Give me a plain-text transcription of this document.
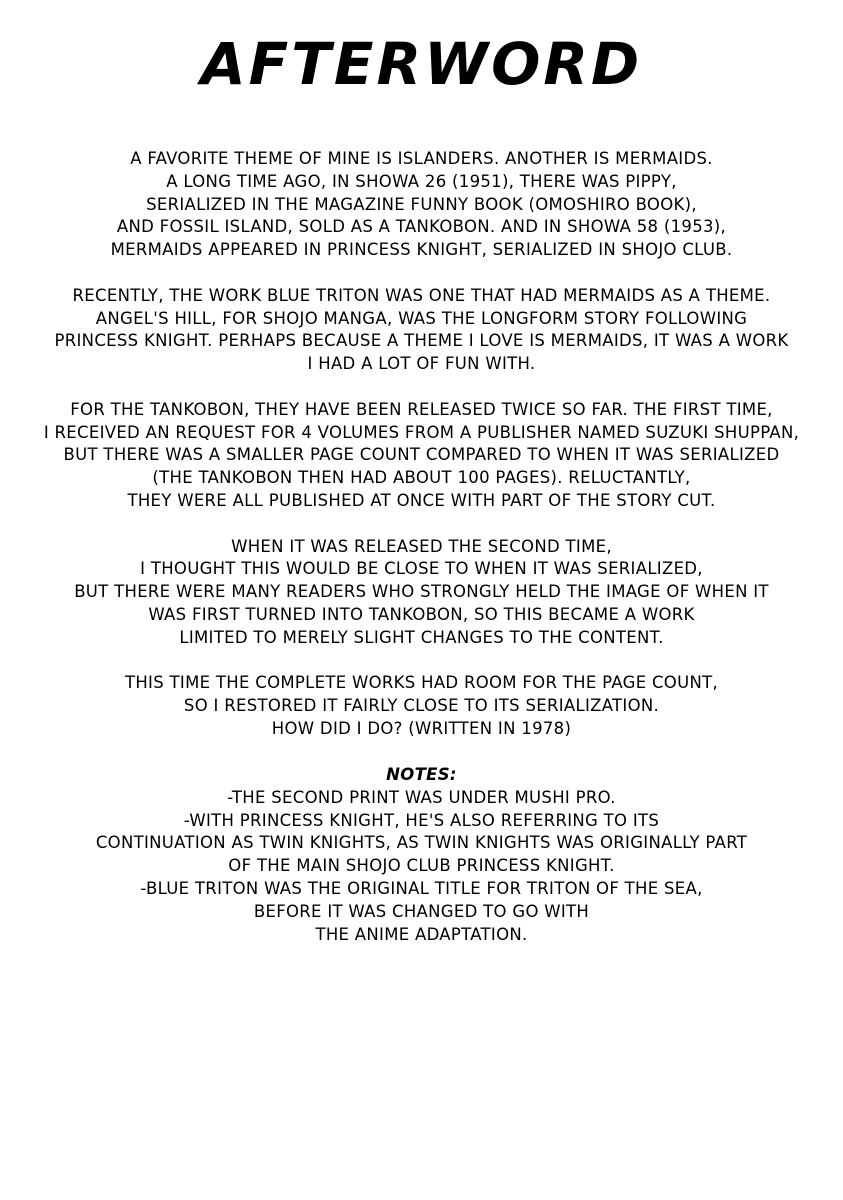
AFTERWORD
A FAVORITE THEME OF MINE IS ISLANDERS. ANOTHER IS MERMAIDS.
A LONG TIME AGO, IN SHOWA 26 (1951), THERE WAS PIPPY,
SERIALIZED IN THE MAGAZINE FUNNY BOOK (OMOSHIRO BOOK),
AND FOSSIL ISLAND, SOLD AS A TANKOBON. AND IN SHOWA 58 (1953),
MERMAIDS APPEARED IN PRINCESS KNIGHT, SERIALIZED IN SHOJO CLUB.
RECENTLY, THE WORK BLUE TRITON WAS ONE THAT HAD MERMAIDS AS A THEME.
ANGEL'S HILL, FOR SHOJO MANGA, WAS THE LONGFORM STORY FOLLOWING
PRINCESS KNIGHT. PERHAPS BECAUSE A THEME I LOVE IS MERMAIDS, IT WAS A WORK
I HAD A LOT OF FUN WITH.
FOR THE TANKOBON, THEY HAVE BEEN RELEASED TWICE SO FAR. THE FIRST TIME,
I RECEIVED AN REQUEST FOR 4 VOLUMES FROM A PUBLISHER NAMED SUZUKI SHUPPAN,
BUT THERE WAS A SMALLER PAGE COUNT COMPARED TO WHEN IT WAS SERIALIZED
(THE TANKOBON THEN HAD ABOUT 100 PAGES). RELUCTANTLY,
THEY WERE ALL PUBLISHED AT ONCE WITH PART OF THE STORY CUT.
WHEN IT WAS RELEASED THE SECOND TIME,
I THOUGHT THIS WOULD BE CLOSE TO WHEN IT WAS SERIALIZED,
BUT THERE WERE MANY READERS WHO STRONGLY HELD THE IMAGE OF WHEN IT
WAS FIRST TURNED INTO TANKOBON, SO THIS BECAME A WORK
LIMITED TO MERELY SLIGHT CHANGES TO THE CONTENT.
THIS TIME THE COMPLETE WORKS HAD ROOM FOR THE PAGE COUNT,
SO I RESTORED IT FAIRLY CLOSE TO ITS SERIALIZATION.
HOW DID I DO? (WRITTEN IN 1978)
NOTES:
-THE SECOND PRINT WAS UNDER MUSHI PRO.
-WITH PRINCESS KNIGHT, HE'S ALSO REFERRING TO ITS
CONTINUATION AS TWIN KNIGHTS, AS TWIN KNIGHTS WAS ORIGINALLY PART
OF THE MAIN SHOJO CLUB PRINCESS KNIGHT.
-BLUE TRITON WAS THE ORIGINAL TITLE FOR TRITON OF THE SEA,
BEFORE IT WAS CHANGED TO GO WITH
THE ANIME ADAPTATION.
